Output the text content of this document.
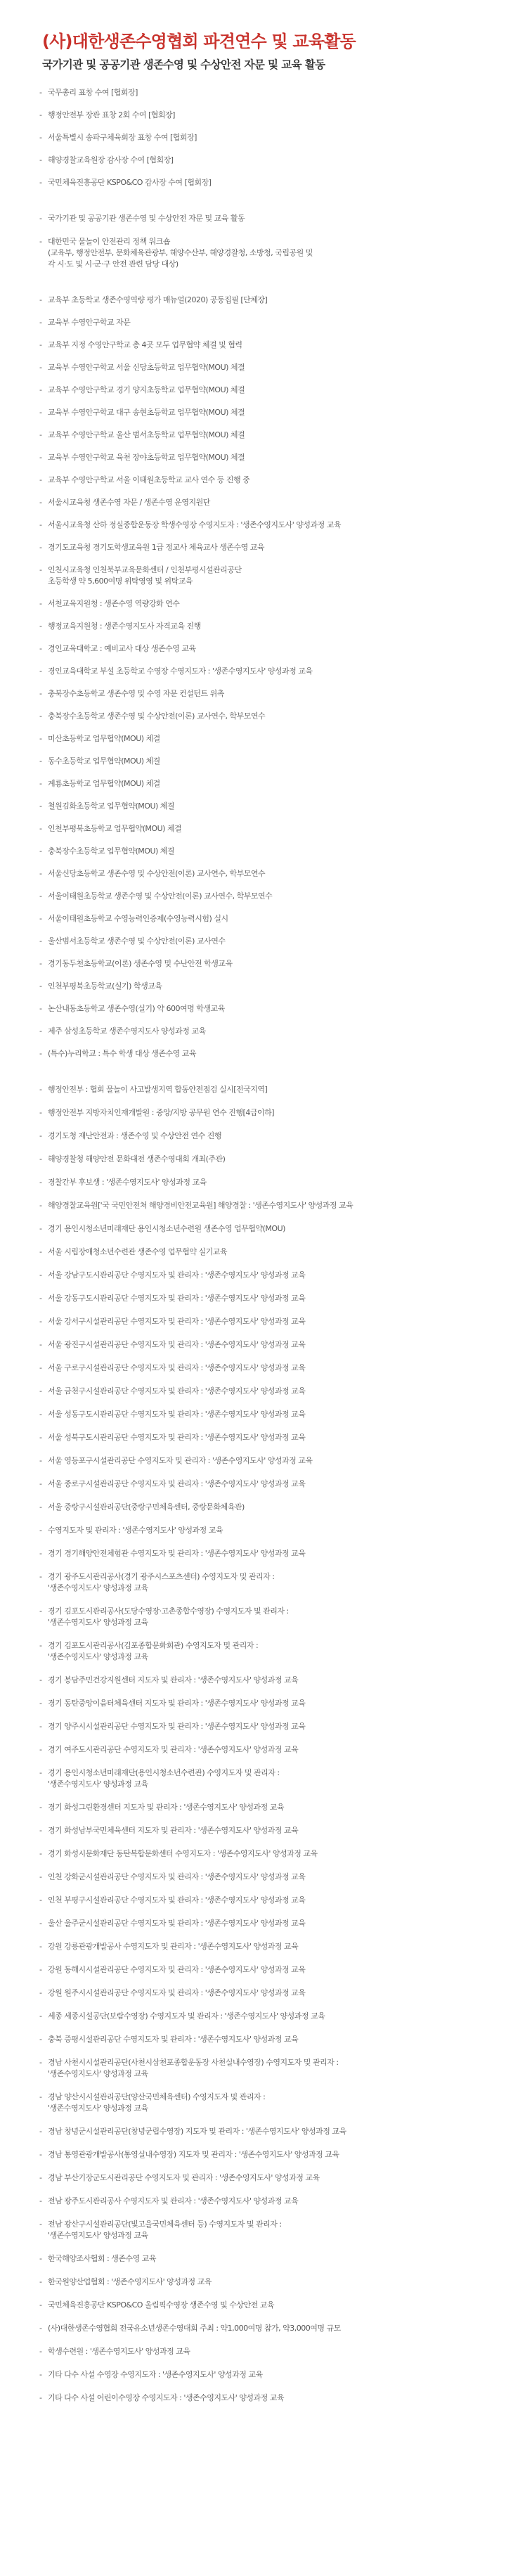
(사)대한생존수영협회 파견연수 및 교육활동
국가기관 및 공공기관 생존수영 및 수상안전 자문 및 교육 활동
- 국무총리 표창 수여 [협회장]
- 행정안전부 장관 표창 2회 수여 [협회장]
- 서울특별시 송파구체육회장 표창 수여 [협회장]
- 해양경찰교육원장 감사장 수여 [협회장]
- 국민체육진흥공단 KSPO&CO 감사장 수여 [협회장]
- 국가기관 및 공공기관 생존수영 및 수상안전 자문 및 교육 활동
- 대한민국 물놀이 안전관리 정책 워크숍
(교육부, 행정안전부, 문화체육관광부, 해양수산부, 해양경찰청, 소방청, 국립공원 및
각 시·도 및 시·군·구 안전 관련 담당 대상)
- 교육부 초등학교 생존수영역량 평가 매뉴얼(2020) 공동집필 [단체장]
- 교육부 수영안구학교 자문
- 교육부 지정 수영안구학교 총 4곳 모두 업무협약 체결 및 협력
- 교육부 수영안구학교 서울 신당초등학교 업무협약(MOU) 체결
- 교육부 수영안구학교 경기 양지초등학교 업무협약(MOU) 체결
- 교육부 수영안구학교 대구 송현초등학교 업무협약(MOU) 체결
- 교육부 수영안구학교 울산 범서초등학교 업무협약(MOU) 체결
- 교육부 수영안구학교 육천 장야초등학교 업무협약(MOU) 체결
- 교육부 수영안구학교 서울 이태원초등학교 교사 연수 등 진행 중
- 서울시교육청 생존수영 자문 / 생존수영 운영지원단
- 서울시교육청 산하 정실종합운동장 학생수영장 수영지도자 : '생존수영지도사' 양성과정 교육
- 경기도교육청 경기도학생교육원 1급 정교사 체육교사 생존수영 교육
- 인천시교육청 인천북부교육문화센터 / 인천부평시설관리공단
초등학생 약 5,600여명 위탁영영 및 위탁교육
- 서천교육지원청 : 생존수영 역량강화 연수
- 행정교육지원청 : 생존수영지도사 자격교육 진행
- 경인교육대학교 : 예비교사 대상 생존수영 교육
- 경인교육대학교 부설 초등학교 수영장 수영지도자 : '생존수영지도사' 양성과정 교육
- 충북장수초등학교 생존수영 및 수영 자문 컨설턴트 위촉
- 충북장수초등학교 생존수영 및 수상안전(이론) 교사연수, 학부모연수
- 미산초등학교 업무협약(MOU) 체결
- 동수초등학교 업무협약(MOU) 체결
- 계룡초등학교 업무협약(MOU) 체결
- 철원김화초등학교 업무협약(MOU) 체결
- 인천부평북초등학교 업무협약(MOU) 체결
- 충북장수초등학교 업무협약(MOU) 체결
- 서울신당초등학교 생존수영 및 수상안전(이론) 교사연수, 학부모연수
- 서울이태원초등학교 생존수영 및 수상안전(이론) 교사연수, 학부모연수
- 서울이태원초등학교 수영능력인증제(수영능력시험) 실시
- 울산범서초등학교 생존수영 및 수상안전(이론) 교사연수
- 경기동두천초등학교(이론) 생존수영 및 수난안전 학생교육
- 인천부평북초등학교(실기) 학생교육
- 논산내동초등학교 생존수영(실기) 약 600여명 학생교육
- 제주 삼성초등학교 생존수영지도사 양성과정 교육
- (특수)누리학교 : 특수 학생 대상 생존수영 교육
- 행정안전부 : 협회 물놀이 사고발생지역 합동안전점검 실시[전국지역]
- 행정안전부 지방자치인재개발원 : 중앙/지방 공무원 연수 진행[4급이하]
- 경기도청 재난안전과 : 생존수영 및 수상안전 연수 진행
- 해양경찰청 해양안전 문화대전 생존수영대회 개최(주관)
- 경찰간부 후보생 : '생존수영지도사' 양성과정 교육
- 해양경찰교육원['국 국민안전처 해양경비안전교육원] 해양경찰 : '생존수영지도사' 양성과정 교육
- 경기 용인시청소년미래재단 용인시청소년수련원 생존수영 업무협약(MOU)
- 서울 시립장애청소년수련관 생존수영 업무협약 실기교육
- 서울 강남구도시관리공단 수영지도자 및 관리자 : '생존수영지도사' 양성과정 교육
- 서울 강동구도시관리공단 수영지도자 및 관리자 : '생존수영지도사' 양성과정 교육
- 서울 강서구시설관리공단 수영지도자 및 관리자 : '생존수영지도사' 양성과정 교육
- 서울 광진구시설관리공단 수영지도자 및 관리자 : '생존수영지도사' 양성과정 교육
- 서울 구로구시설관리공단 수영지도자 및 관리자 : '생존수영지도사' 양성과정 교육
- 서울 금천구시설관리공단 수영지도자 및 관리자 : '생존수영지도사' 양성과정 교육
- 서울 성동구도시관리공단 수영지도자 및 관리자 : '생존수영지도사' 양성과정 교육
- 서울 성북구도시관리공단 수영지도자 및 관리자 : '생존수영지도사' 양성과정 교육
- 서울 영등포구시설관리공단 수영지도자 및 관리자 : '생존수영지도사' 양성과정 교육
- 서울 종로구시설관리공단 수영지도자 및 관리자 : '생존수영지도사' 양성과정 교육
- 서울 중랑구시설관리공단(중랑구민체육센터, 중랑문화체육관)
- 수영지도자 및 관리자 : '생존수영지도사' 양성과정 교육
- 경기 경기해양안전체험관 수영지도자 및 관리자 : '생존수영지도사' 양성과정 교육
- 경기 광주도시관리공사(경기 광주시스포츠센터) 수영지도자 및 관리자 :
'생존수영지도사' 양성과정 교육
- 경기 김포도시관리공사(도당수영장·고촌종합수영장) 수영지도자 및 관리자 :
'생존수영지도사' 양성과정 교육
- 경기 김포도시관리공사(김포종합문화회관) 수영지도자 및 관리자 :
'생존수영지도사' 양성과정 교육
- 경기 봉담주민건강지원센터 지도자 및 관리자 : '생존수영지도사' 양성과정 교육
- 경기 동탄중앙이음터체육센터 지도자 및 관리자 : '생존수영지도사' 양성과정 교육
- 경기 양주시시설관리공단 수영지도자 및 관리자 : '생존수영지도사' 양성과정 교육
- 경기 여주도시관리공단 수영지도자 및 관리자 : '생존수영지도사' 양성과정 교육
- 경기 용인시청소년미래재단(용인시청소년수련관) 수영지도자 및 관리자 :
'생존수영지도사' 양성과정 교육
- 경기 화성그린환경센터 지도자 및 관리자 : '생존수영지도사' 양성과정 교육
- 경기 화성남부국민체육센터 지도자 및 관리자 : '생존수영지도사' 양성과정 교육
- 경기 화성시문화재단 동탄복합문화센터 수영지도자 : '생존수영지도사' 양성과정 교육
- 인천 강화군시설관리공단 수영지도자 및 관리자 : '생존수영지도사' 양성과정 교육
- 인천 부평구시설관리공단 수영지도자 및 관리자 : '생존수영지도사' 양성과정 교육
- 울산 울주군시설관리공단 수영지도자 및 관리자 : '생존수영지도사' 양성과정 교육
- 강원 강릉관광개발공사 수영지도자 및 관리자 : '생존수영지도사' 양성과정 교육
- 강원 동해시시설관리공단 수영지도자 및 관리자 : '생존수영지도사' 양성과정 교육
- 강원 원주시시설관리공단 수영지도자 및 관리자 : '생존수영지도사' 양성과정 교육
- 세종 세종시설공단(보람수영장) 수영지도자 및 관리자 : '생존수영지도사' 양성과정 교육
- 충북 증평시설관리공단 수영지도자 및 관리자 : '생존수영지도사' 양성과정 교육
- 경남 사천시시설관리공단(사천시삼천포종합운동장 사천실내수영장) 수영지도자 및 관리자 :
'생존수영지도사' 양성과정 교육
- 경남 양산시시설관리공단(양산국민체육센터) 수영지도자 및 관리자 :
'생존수영지도사' 양성과정 교육
- 경남 창녕군시설관리공단(창녕군립수영장) 지도자 및 관리자 : '생존수영지도사' 양성과정 교육
- 경남 통영관광개발공사(통영실내수영장) 지도자 및 관리자 : '생존수영지도사' 양성과정 교육
- 경남 부산기장군도시관리공단 수영지도자 및 관리자 : '생존수영지도사' 양성과정 교육
- 전남 광주도시관리공사 수영지도자 및 관리자 : '생존수영지도사' 양성과정 교육
- 전남 광산구시설관리공단(빛고을국민체육센터 등) 수영지도자 및 관리자 :
'생존수영지도사' 양성과정 교육
- 한국해양조사협회 : 생존수영 교육
- 한국원양산업협회 : '생존수영지도사' 양성과정 교육
- 국민체육진흥공단 KSPO&CO 올림픽수영장 생존수영 및 수상안전 교육
- (사)대한생존수영협회 전국유소년생존수영대회 주최 : 약1,000여명 참가, 약3,000여명 규모
- 학생수련원 : '생존수영지도사' 양성과정 교육
- 기타 다수 사설 수영장 수영지도자 : '생존수영지도사' 양성과정 교육
- 기타 다수 사설 어린이수영장 수영지도자 : '생존수영지도사' 양성과정 교육
